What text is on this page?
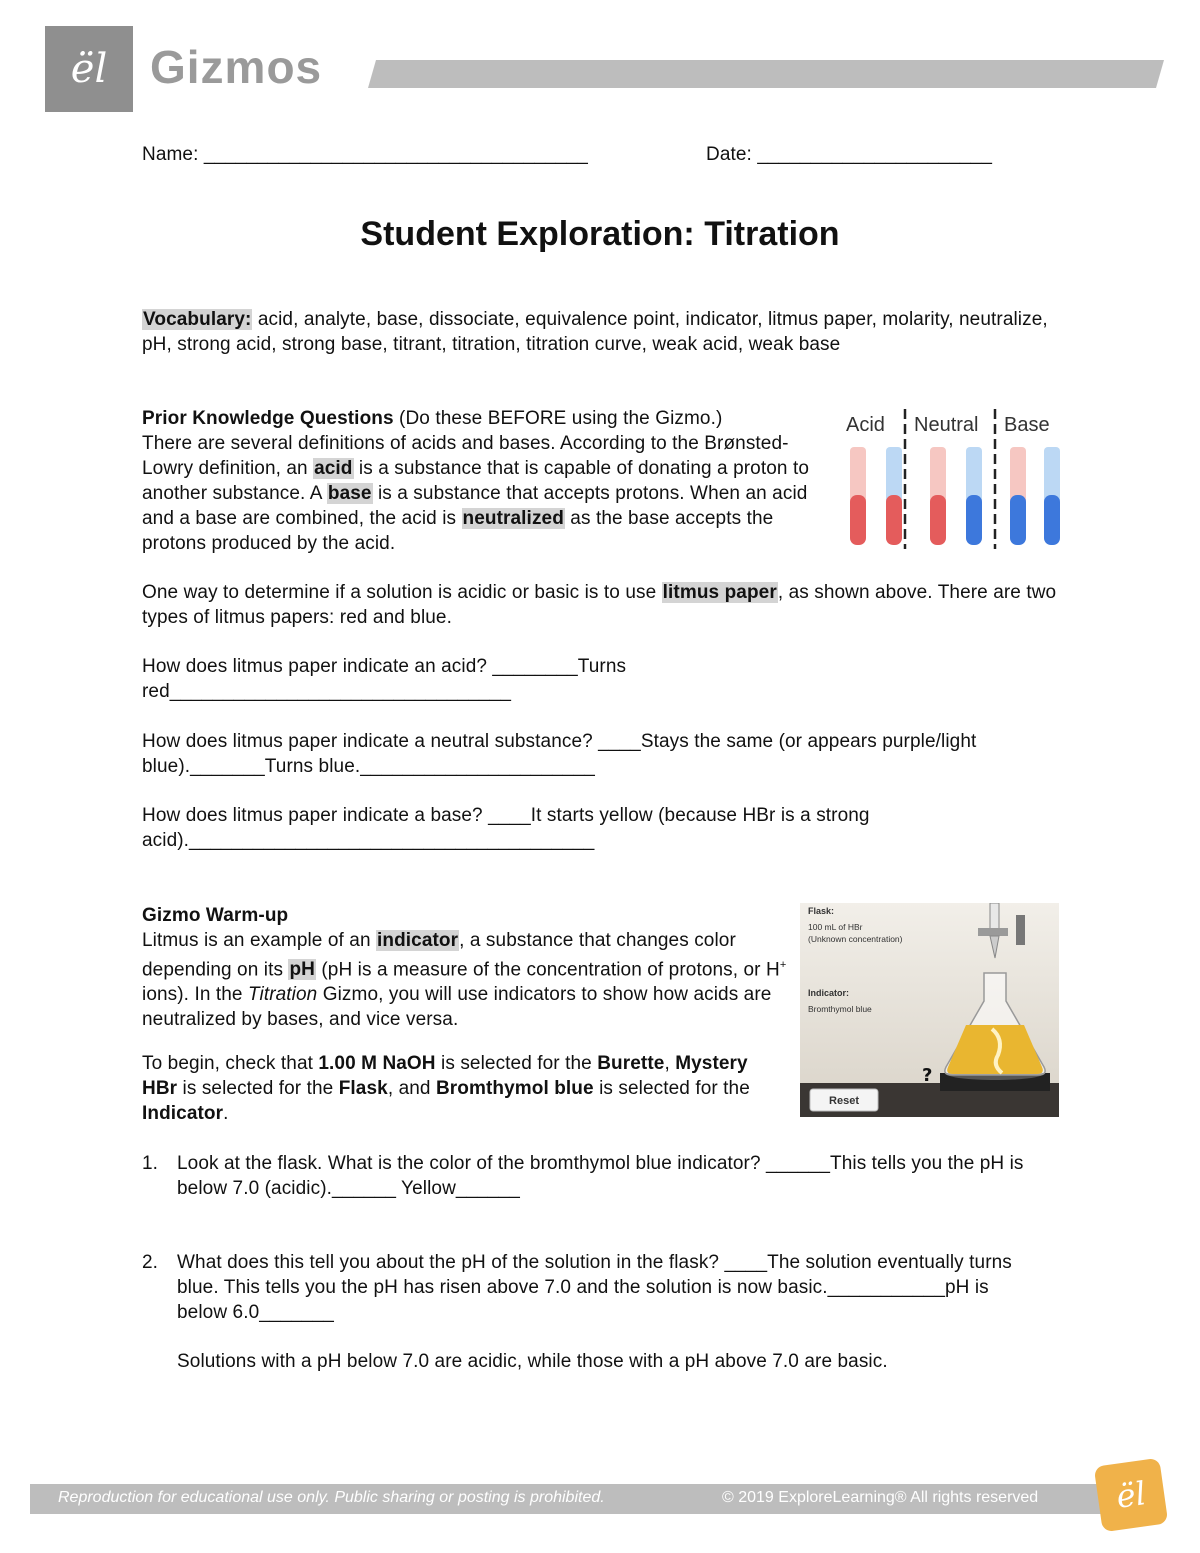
ël Gizmos
Name: ____________________________________	Date: ______________________
Student Exploration: Titration
Vocabulary: acid, analyte, base, dissociate, equivalence point, indicator, litmus paper, molarity, neutralize, pH, strong acid, strong base, titrant, titration, titration curve, weak acid, weak base
Prior Knowledge Questions (Do these BEFORE using the Gizmo.)
There are several definitions of acids and bases. According to the Brønsted-Lowry definition, an acid is a substance that is capable of donating a proton to another substance. A base is a substance that accepts protons. When an acid and a base are combined, the acid is neutralized as the base accepts the protons produced by the acid.
Acid Neutral Base
One way to determine if a solution is acidic or basic is to use litmus paper, as shown above. There are two types of litmus papers: red and blue.
How does litmus paper indicate an acid? ________Turns red________________________________
How does litmus paper indicate a neutral substance? ____Stays the same (or appears purple/light blue)._______Turns blue.______________________
How does litmus paper indicate a base? ____It starts yellow (because HBr is a strong acid).______________________________________
Gizmo Warm-up
Litmus is an example of an indicator, a substance that changes color depending on its pH (pH is a measure of the concentration of protons, or H+ ions). In the Titration Gizmo, you will use indicators to show how acids are neutralized by bases, and vice versa.
To begin, check that 1.00 M NaOH is selected for the Burette, Mystery HBr is selected for the Flask, and Bromthymol blue is selected for the Indicator.
Flask:
100 mL of HBr
(Unknown concentration)
Indicator:
Bromthymol blue
?
Reset
1. Look at the flask. What is the color of the bromthymol blue indicator? ______This tells you the pH is below 7.0 (acidic).______ Yellow______
2. What does this tell you about the pH of the solution in the flask? ____The solution eventually turns blue. This tells you the pH has risen above 7.0 and the solution is now basic.___________pH is below 6.0_______
Solutions with a pH below 7.0 are acidic, while those with a pH above 7.0 are basic.
Reproduction for educational use only. Public sharing or posting is prohibited.	© 2019 ExploreLearning® All rights reserved	ël
